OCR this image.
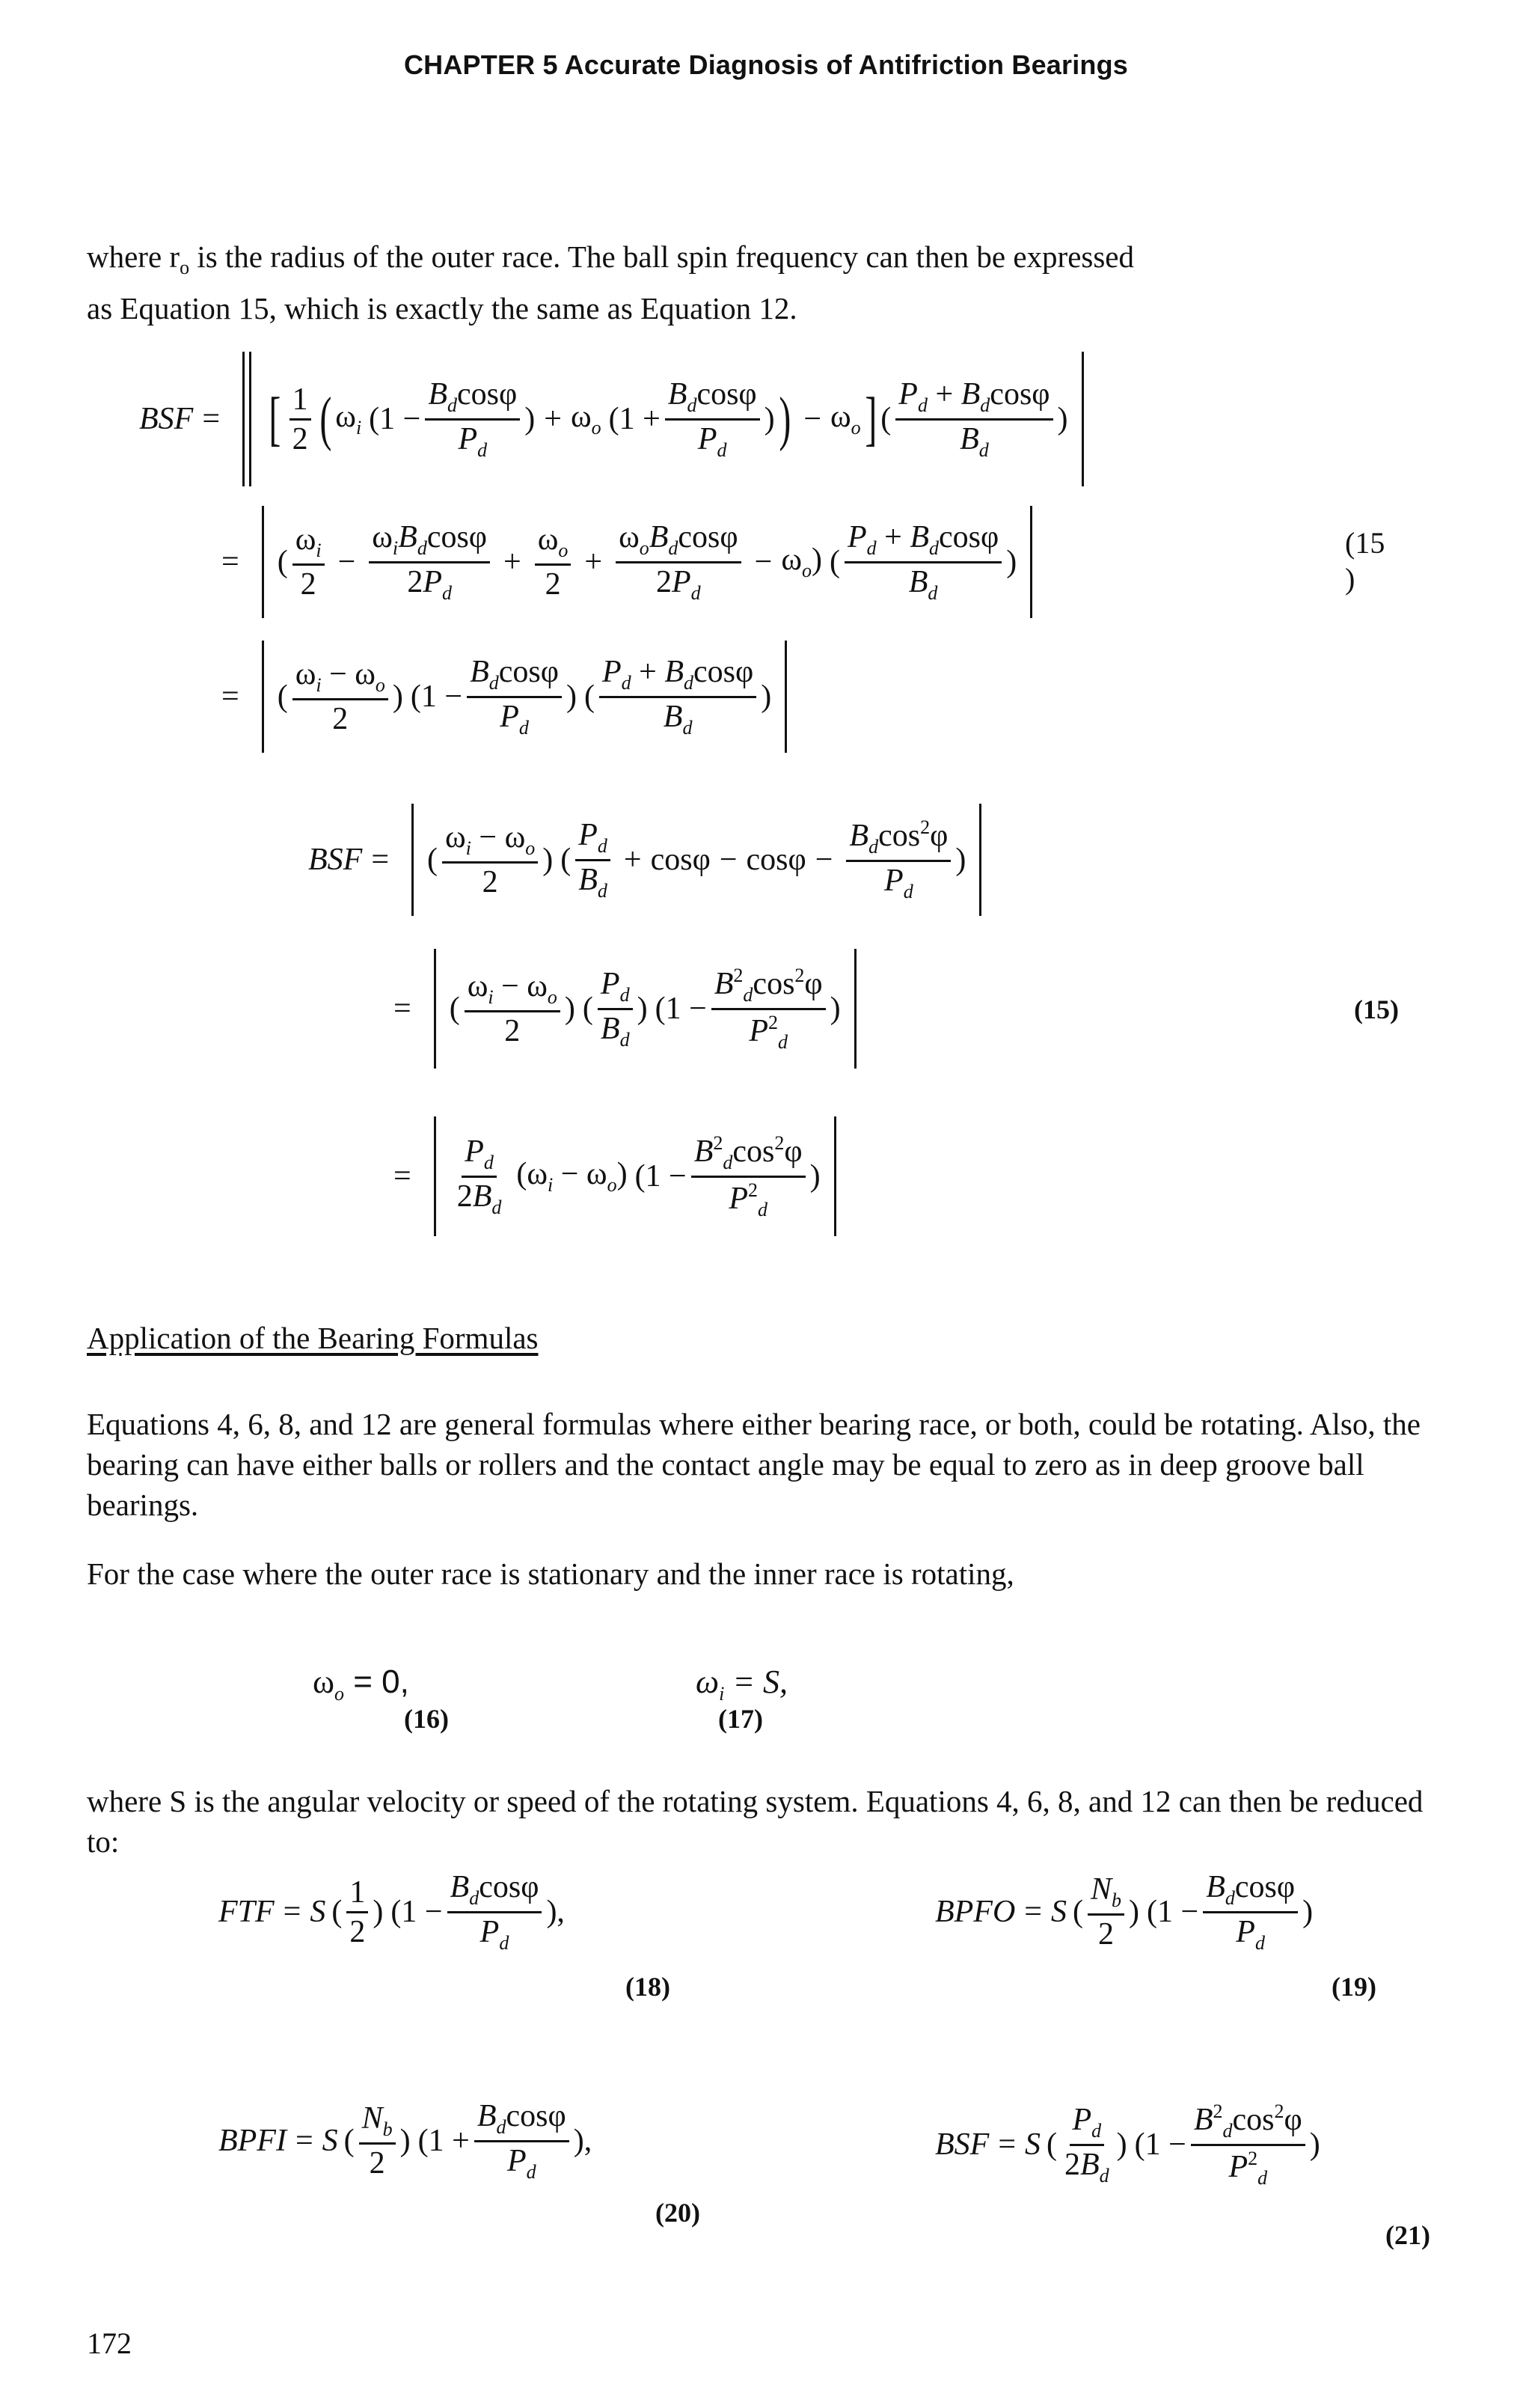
CHAPTER 5 Accurate Diagnosis of Antifriction Bearings
where $r_o$ is the radius of the outer race. The ball spin frequency can then be expressed
as Equation 15, which is exactly the same as Equation 12.
BSF = [ $\frac{1}{2}$ ( $\omega_i$ ($1 - \frac{B_d\cos\varphi}{P_d}$ ) + $\omega_o$ ($1 + \frac{B_d\cos\varphi}{P_d}$ ) ) − $\omega_o$ ] ( $\frac{P_d + B_d\cos\varphi}{B_d}$ )
= ( $\frac{\omega_i}{2} - \frac{\omega_iB_d\cos\varphi}{2P_d} + \frac{\omega_o}{2} + \frac{\omega_oB_d\cos\varphi}{2P_d} - \omega_o$) ( $\frac{P_d + B_d\cos\varphi}{B_d}$ )
(15
)
= ( $\frac{\omega_i - \omega_o}{2}$ ) ($1 - \frac{B_d\cos\varphi}{P_d}$ ) ( $\frac{P_d + B_d\cos\varphi}{B_d}$ )
BSF = ( $\frac{\omega_i - \omega_o}{2}$ ) ( $\frac{P_d}{B_d} + \cos\varphi - \cos\varphi - \frac{B_d\cos^2\varphi}{P_d}$ )
= ( $\frac{\omega_i - \omega_o}{2}$ ) ( $\frac{P_d}{B_d}$ ) ($1 - \frac{B^2_d\cos^2\varphi}{P^2_d}$ )	(15)
= $\frac{P_d}{2B_d} (\omega_i - \omega_o) (1 - \frac{B^2_d\cos^2\varphi}{P^2_d}$ )
Application of the Bearing Formulas
Equations 4, 6, 8, and 12 are general formulas where either bearing race, or both, could be rotating. Also, the bearing can have either balls or rollers and the contact angle may be equal to zero as in deep groove ball bearings.
For the case where the outer race is stationary and the inner race is rotating,
$\omega_o = 0$,
(16)
$\omega_i = S$,
(17)
where S is the angular velocity or speed of the rotating system. Equations 4, 6, 8, and 12 can then be reduced to:
FTF = S ( $\frac{1}{2}$ ) ($1 - \frac{B_d\cos\varphi}{P_d}$ ),
(18)
BPFO = S ( $\frac{N_b}{2}$ ) ($1 - \frac{B_d\cos\varphi}{P_d}$ )
(19)
BPFI = S ( $\frac{N_b}{2}$ ) ($1 + \frac{B_d\cos\varphi}{P_d}$ ),
(20)
BSF = S ( $\frac{P_d}{2B_d}$ ) ($1 - \frac{B^2_d\cos^2\varphi}{P^2_d}$ )
(21)
172
